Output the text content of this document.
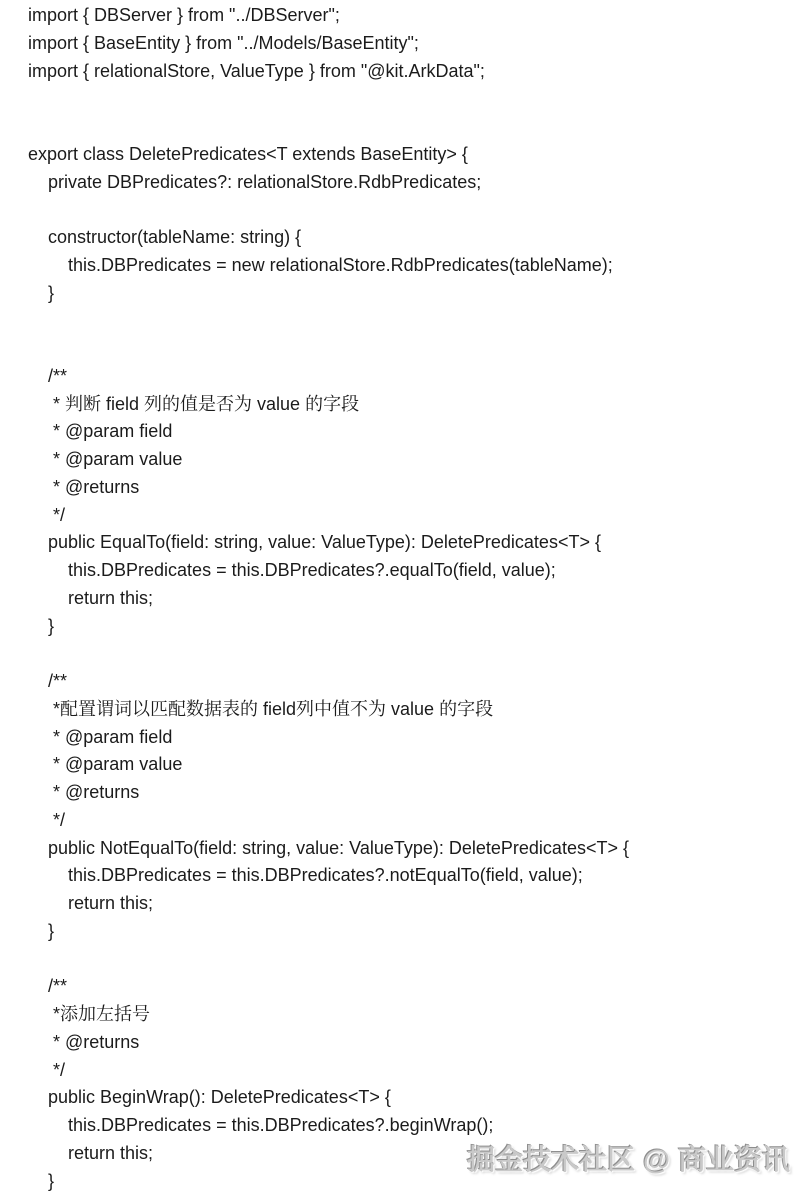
import { DBServer } from "../DBServer";
import { BaseEntity } from "../Models/BaseEntity";
import { relationalStore, ValueType } from "@kit.ArkData";

export class DeletePredicates<T extends BaseEntity> {
private DBPredicates?: relationalStore.RdbPredicates;

constructor(tableName: string) {
this.DBPredicates = new relationalStore.RdbPredicates(tableName);
}

/**
* 判断 field 列的值是否为 value 的字段
* @param field
* @param value
* @returns
*/
public EqualTo(field: string, value: ValueType): DeletePredicates<T> {
this.DBPredicates = this.DBPredicates?.equalTo(field, value);
return this;
}

/**
*配置谓词以匹配数据表的 field列中值不为 value 的字段
* @param field
* @param value
* @returns
*/
public NotEqualTo(field: string, value: ValueType): DeletePredicates<T> {
this.DBPredicates = this.DBPredicates?.notEqualTo(field, value);
return this;
}

/**
*添加左括号
* @returns
*/
public BeginWrap(): DeletePredicates<T> {
this.DBPredicates = this.DBPredicates?.beginWrap();
return this;
}
掘金技术社区 @ 商业资讯
